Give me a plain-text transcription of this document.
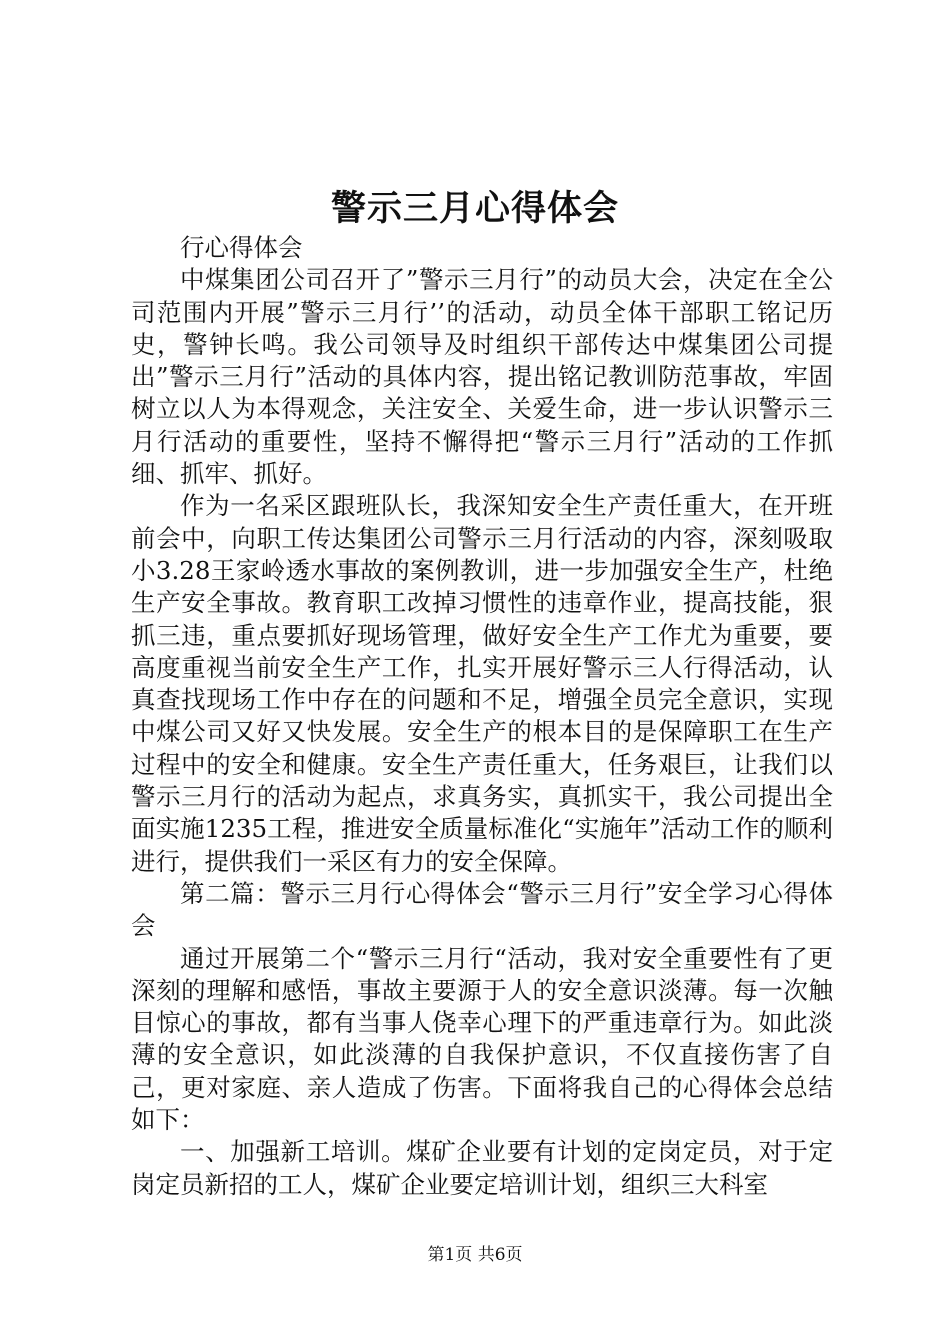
警示三月心得体会

行心得体会

中煤集团公司召开了”警示三月行”的动员大会，决定在全公司范围内开展”警示三月行’’的活动，动员全体干部职工铭记历史，警钟长鸣。我公司领导及时组织干部传达中煤集团公司提出”警示三月行”活动的具体内容，提出铭记教训防范事故，牢固树立以人为本得观念，关注安全、关爱生命，进一步认识警示三月行活动的重要性，坚持不懈得把“警示三月行”活动的工作抓细、抓牢、抓好。

作为一名采区跟班队长，我深知安全生产责任重大，在开班前会中，向职工传达集团公司警示三月行活动的内容，深刻吸取小3.28王家岭透水事故的案例教训，进一步加强安全生产，杜绝生产安全事故。教育职工改掉习惯性的违章作业，提高技能，狠抓三违，重点要抓好现场管理，做好安全生产工作尤为重要，要高度重视当前安全生产工作，扎实开展好警示三人行得活动，认真查找现场工作中存在的问题和不足，增强全员完全意识，实现中煤公司又好又快发展。安全生产的根本目的是保障职工在生产过程中的安全和健康。安全生产责任重大，任务艰巨，让我们以警示三月行的活动为起点，求真务实，真抓实干，我公司提出全面实施1235工程，推进安全质量标准化“实施年”活动工作的顺利进行，提供我们一采区有力的安全保障。

第二篇：警示三月行心得体会“警示三月行”安全学习心得体会

通过开展第二个“警示三月行“活动，我对安全重要性有了更深刻的理解和感悟，事故主要源于人的安全意识淡薄。每一次触目惊心的事故，都有当事人侥幸心理下的严重违章行为。如此淡薄的安全意识，如此淡薄的自我保护意识，不仅直接伤害了自己，更对家庭、亲人造成了伤害。下面将我自己的心得体会总结如下：

一、加强新工培训。煤矿企业要有计划的定岗定员，对于定岗定员新招的工人，煤矿企业要定培训计划，组织三大科室

第1页 共6页
